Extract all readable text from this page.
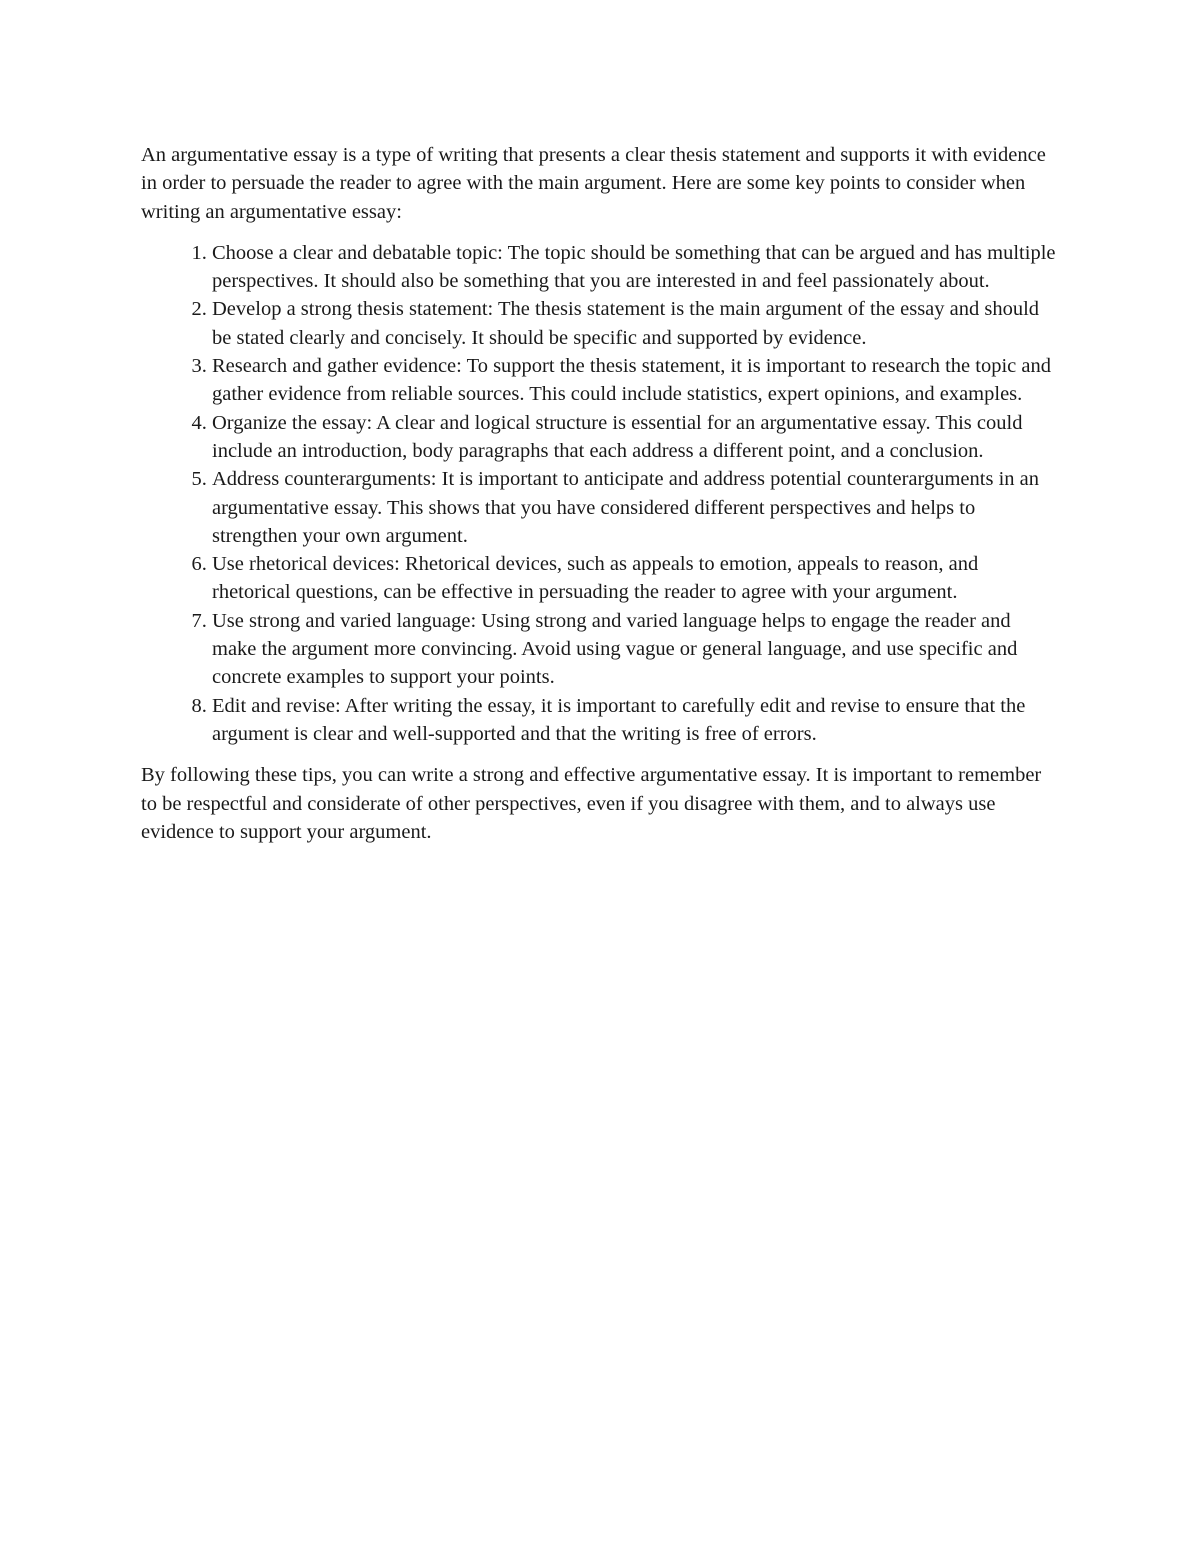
An argumentative essay is a type of writing that presents a clear thesis statement and supports it with evidence in order to persuade the reader to agree with the main argument. Here are some key points to consider when writing an argumentative essay:

1. Choose a clear and debatable topic: The topic should be something that can be argued and has multiple perspectives. It should also be something that you are interested in and feel passionately about.
2. Develop a strong thesis statement: The thesis statement is the main argument of the essay and should be stated clearly and concisely. It should be specific and supported by evidence.
3. Research and gather evidence: To support the thesis statement, it is important to research the topic and gather evidence from reliable sources. This could include statistics, expert opinions, and examples.
4. Organize the essay: A clear and logical structure is essential for an argumentative essay. This could include an introduction, body paragraphs that each address a different point, and a conclusion.
5. Address counterarguments: It is important to anticipate and address potential counterarguments in an argumentative essay. This shows that you have considered different perspectives and helps to strengthen your own argument.
6. Use rhetorical devices: Rhetorical devices, such as appeals to emotion, appeals to reason, and rhetorical questions, can be effective in persuading the reader to agree with your argument.
7. Use strong and varied language: Using strong and varied language helps to engage the reader and make the argument more convincing. Avoid using vague or general language, and use specific and concrete examples to support your points.
8. Edit and revise: After writing the essay, it is important to carefully edit and revise to ensure that the argument is clear and well-supported and that the writing is free of errors.

By following these tips, you can write a strong and effective argumentative essay. It is important to remember to be respectful and considerate of other perspectives, even if you disagree with them, and to always use evidence to support your argument.
